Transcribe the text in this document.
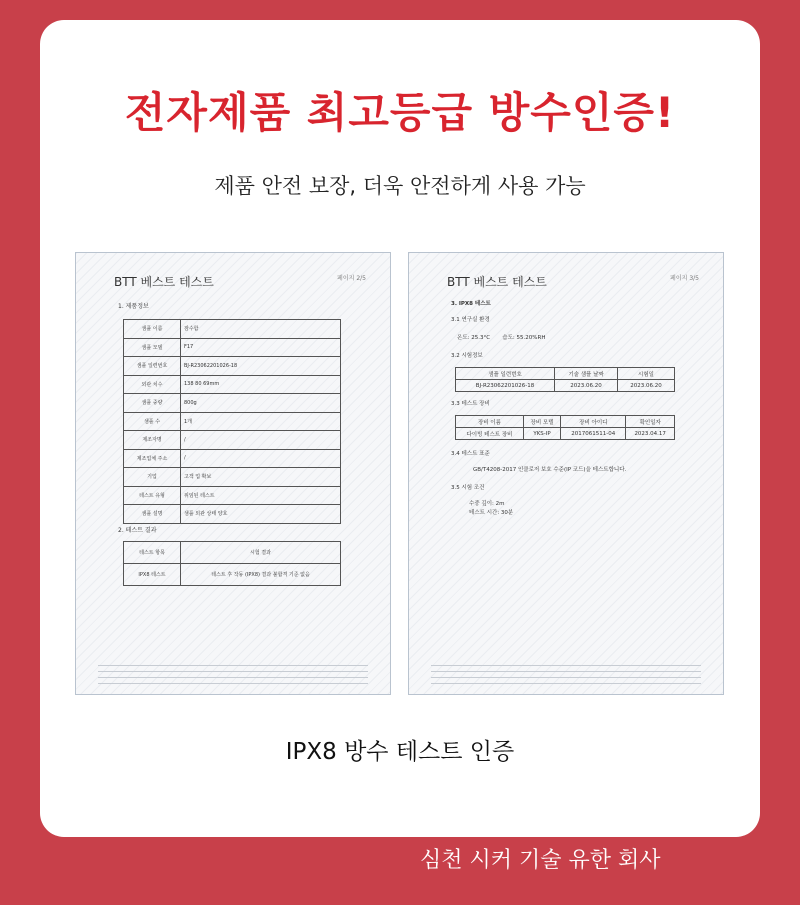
전자제품 최고등급 방수인증!
제품 안전 보장, 더욱 안전하게 사용 가능
BTT 베스트 테스트	페이지 2/5
1. 제품정보
샘플 이름	잠수함
샘플 모델	F17
샘플 일련번호	BJ-R23062201026-18
외관 치수	138 80 69mm
샘플 중량	800g
샘플 수	1개
제조자명	/
제조업체 주소	/
기업	고객 업 확보
테스트 유형	위임된 테스트
샘플 설명	샘플 외관 상태 양호
2. 테스트 결과
테스트 항목	시험 결과
IPX8 테스트	테스트 후 작동 (IPX8) 결과 불합격 기준 없음
BTT 베스트 테스트	페이지 3/5
3. IPX8 테스트
3.1 연구실 환경
온도: 25.3°C       습도: 55.20%RH
3.2 시험정보
샘플 일련번호	기술 샘플 날짜	시험일
BJ-R23062201026-18	2023.06.20	2023.06.20
3.3 테스트 장비
장비 이름	장비 모델	장비 아이디	확인일자
다이빙 테스트 장비	YKS-IP	2017061511-04	2023.04.17
3.4 테스트 표준
GB/T4208-2017 인클로저 보호 수준(IP 코드)을 테스트합니다.
3.5 시험 조건
수중 깊이: 2m
테스트 시간: 30분
IPX8 방수 테스트 인증
심천 시커 기술 유한 회사
